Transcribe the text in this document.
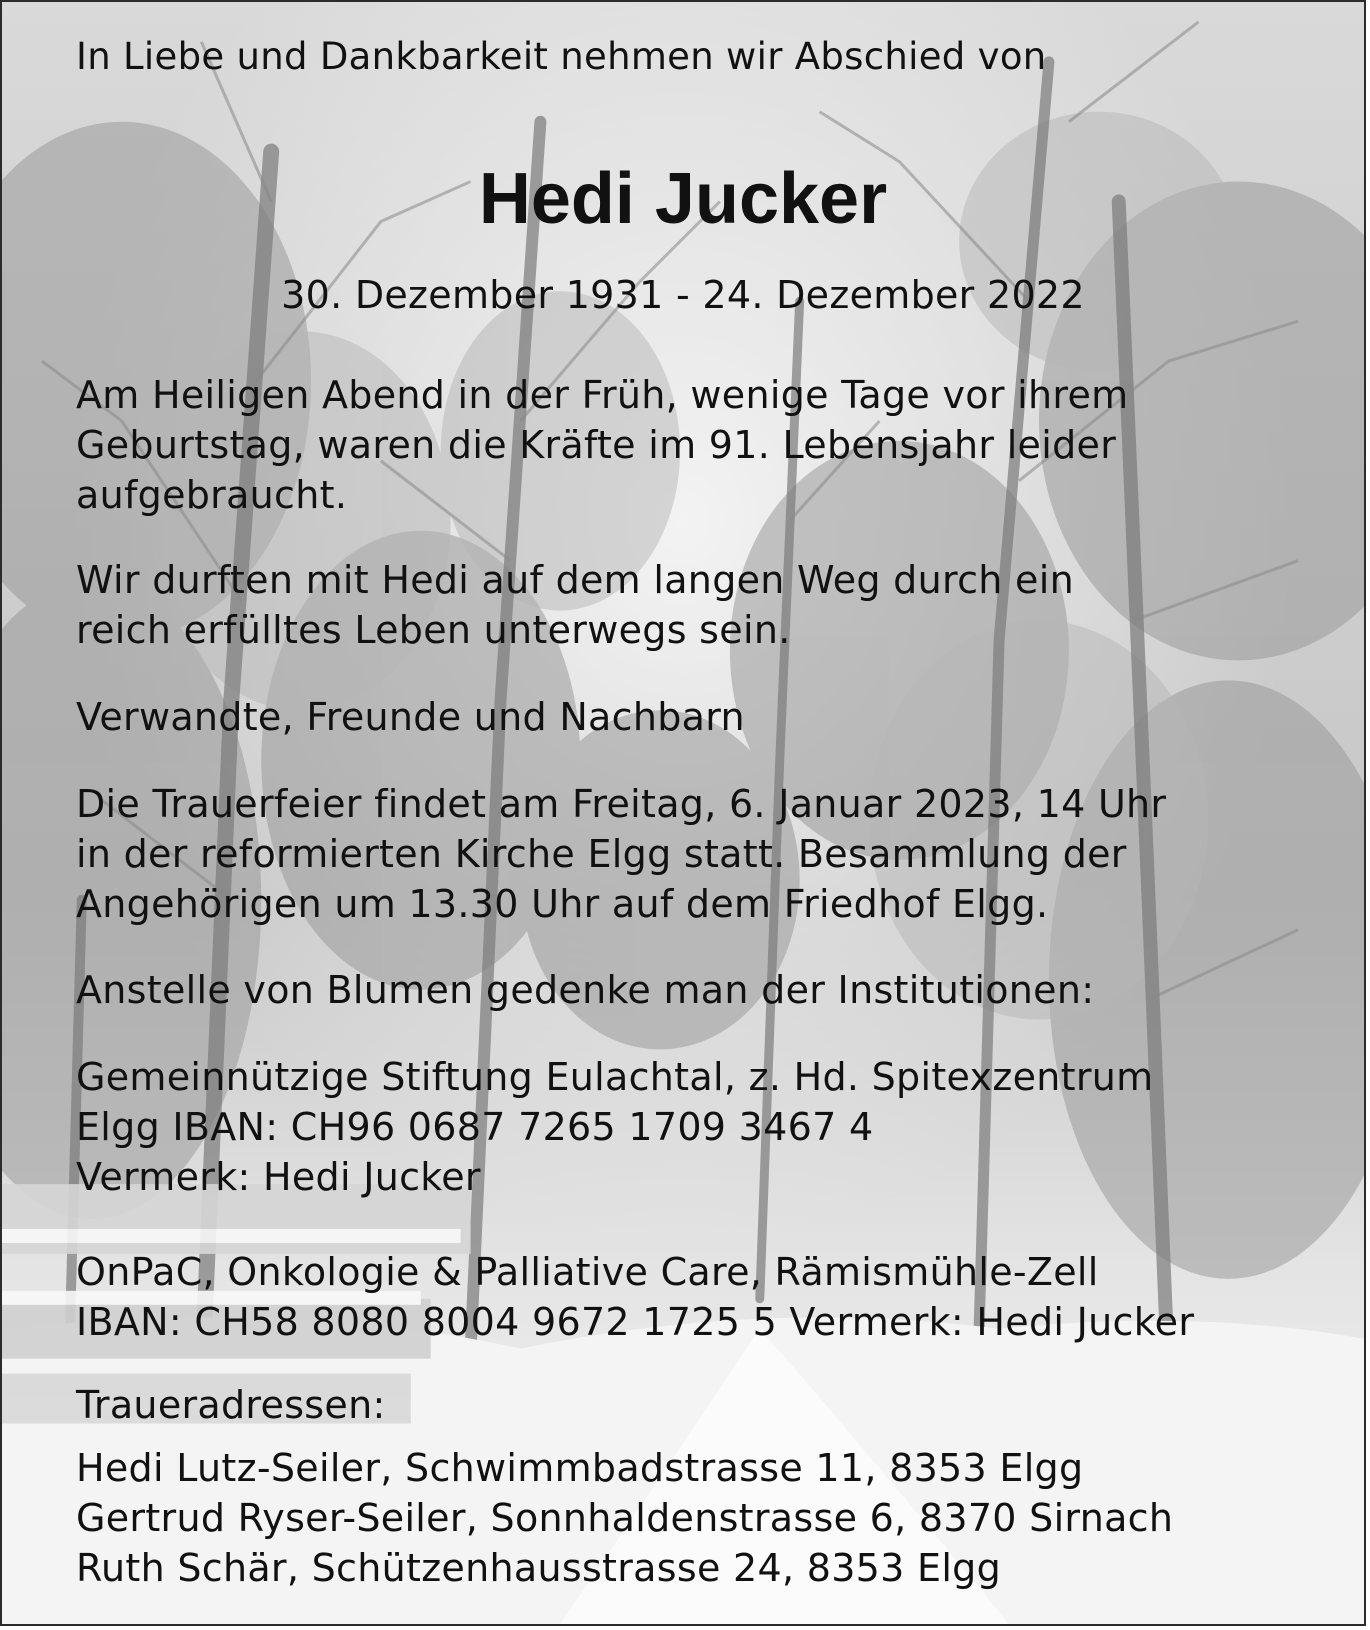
In Liebe und Dankbarkeit nehmen wir Abschied von
Hedi Jucker
30. Dezember 1931 - 24. Dezember 2022
Am Heiligen Abend in der Früh, wenige Tage vor ihrem
Geburtstag, waren die Kräfte im 91. Lebensjahr leider
aufgebraucht.
Wir durften mit Hedi auf dem langen Weg durch ein
reich erfülltes Leben unterwegs sein.
Verwandte, Freunde und Nachbarn
Die Trauerfeier findet am Freitag, 6. Januar 2023, 14 Uhr
in der reformierten Kirche Elgg statt. Besammlung der
Angehörigen um 13.30 Uhr auf dem Friedhof Elgg.
Anstelle von Blumen gedenke man der Institutionen:
Gemeinnützige Stiftung Eulachtal, z. Hd. Spitexzentrum
Elgg IBAN: CH96 0687 7265 1709 3467 4
Vermerk: Hedi Jucker
OnPaC, Onkologie & Palliative Care, Rämismühle-Zell
IBAN: CH58 8080 8004 9672 1725 5 Vermerk: Hedi Jucker
Traueradressen:
Hedi Lutz-Seiler, Schwimmbadstrasse 11, 8353 Elgg
Gertrud Ryser-Seiler, Sonnhaldenstrasse 6, 8370 Sirnach
Ruth Schär, Schützenhausstrasse 24, 8353 Elgg
